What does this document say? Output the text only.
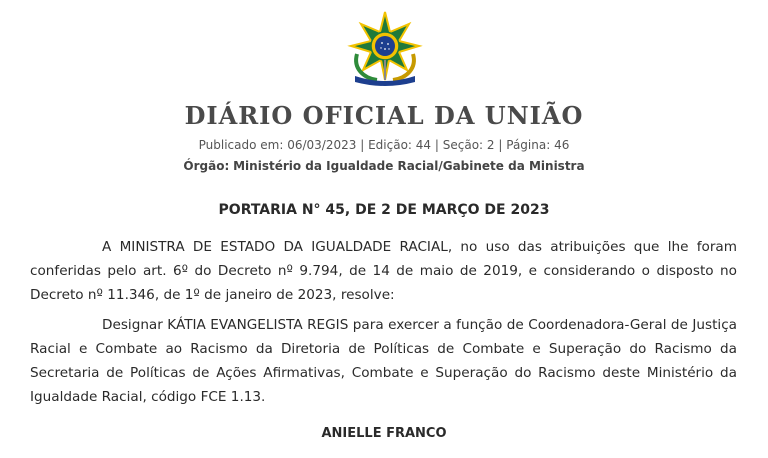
DIÁRIO OFICIAL DA UNIÃO
Publicado em: 06/03/2023 | Edição: 44 | Seção: 2 | Página: 46
Órgão: Ministério da Igualdade Racial/Gabinete da Ministra
PORTARIA N° 45, DE 2 DE MARÇO DE 2023

A MINISTRA DE ESTADO DA IGUALDADE RACIAL, no uso das atribuições que lhe foram conferidas pelo art. 6º do Decreto nº 9.794, de 14 de maio de 2019, e considerando o disposto no Decreto nº 11.346, de 1º de janeiro de 2023, resolve:

Designar KÁTIA EVANGELISTA REGIS para exercer a função de Coordenadora-Geral de Justiça Racial e Combate ao Racismo da Diretoria de Políticas de Combate e Superação do Racismo da Secretaria de Políticas de Ações Afirmativas, Combate e Superação do Racismo deste Ministério da Igualdade Racial, código FCE 1.13.

ANIELLE FRANCO
